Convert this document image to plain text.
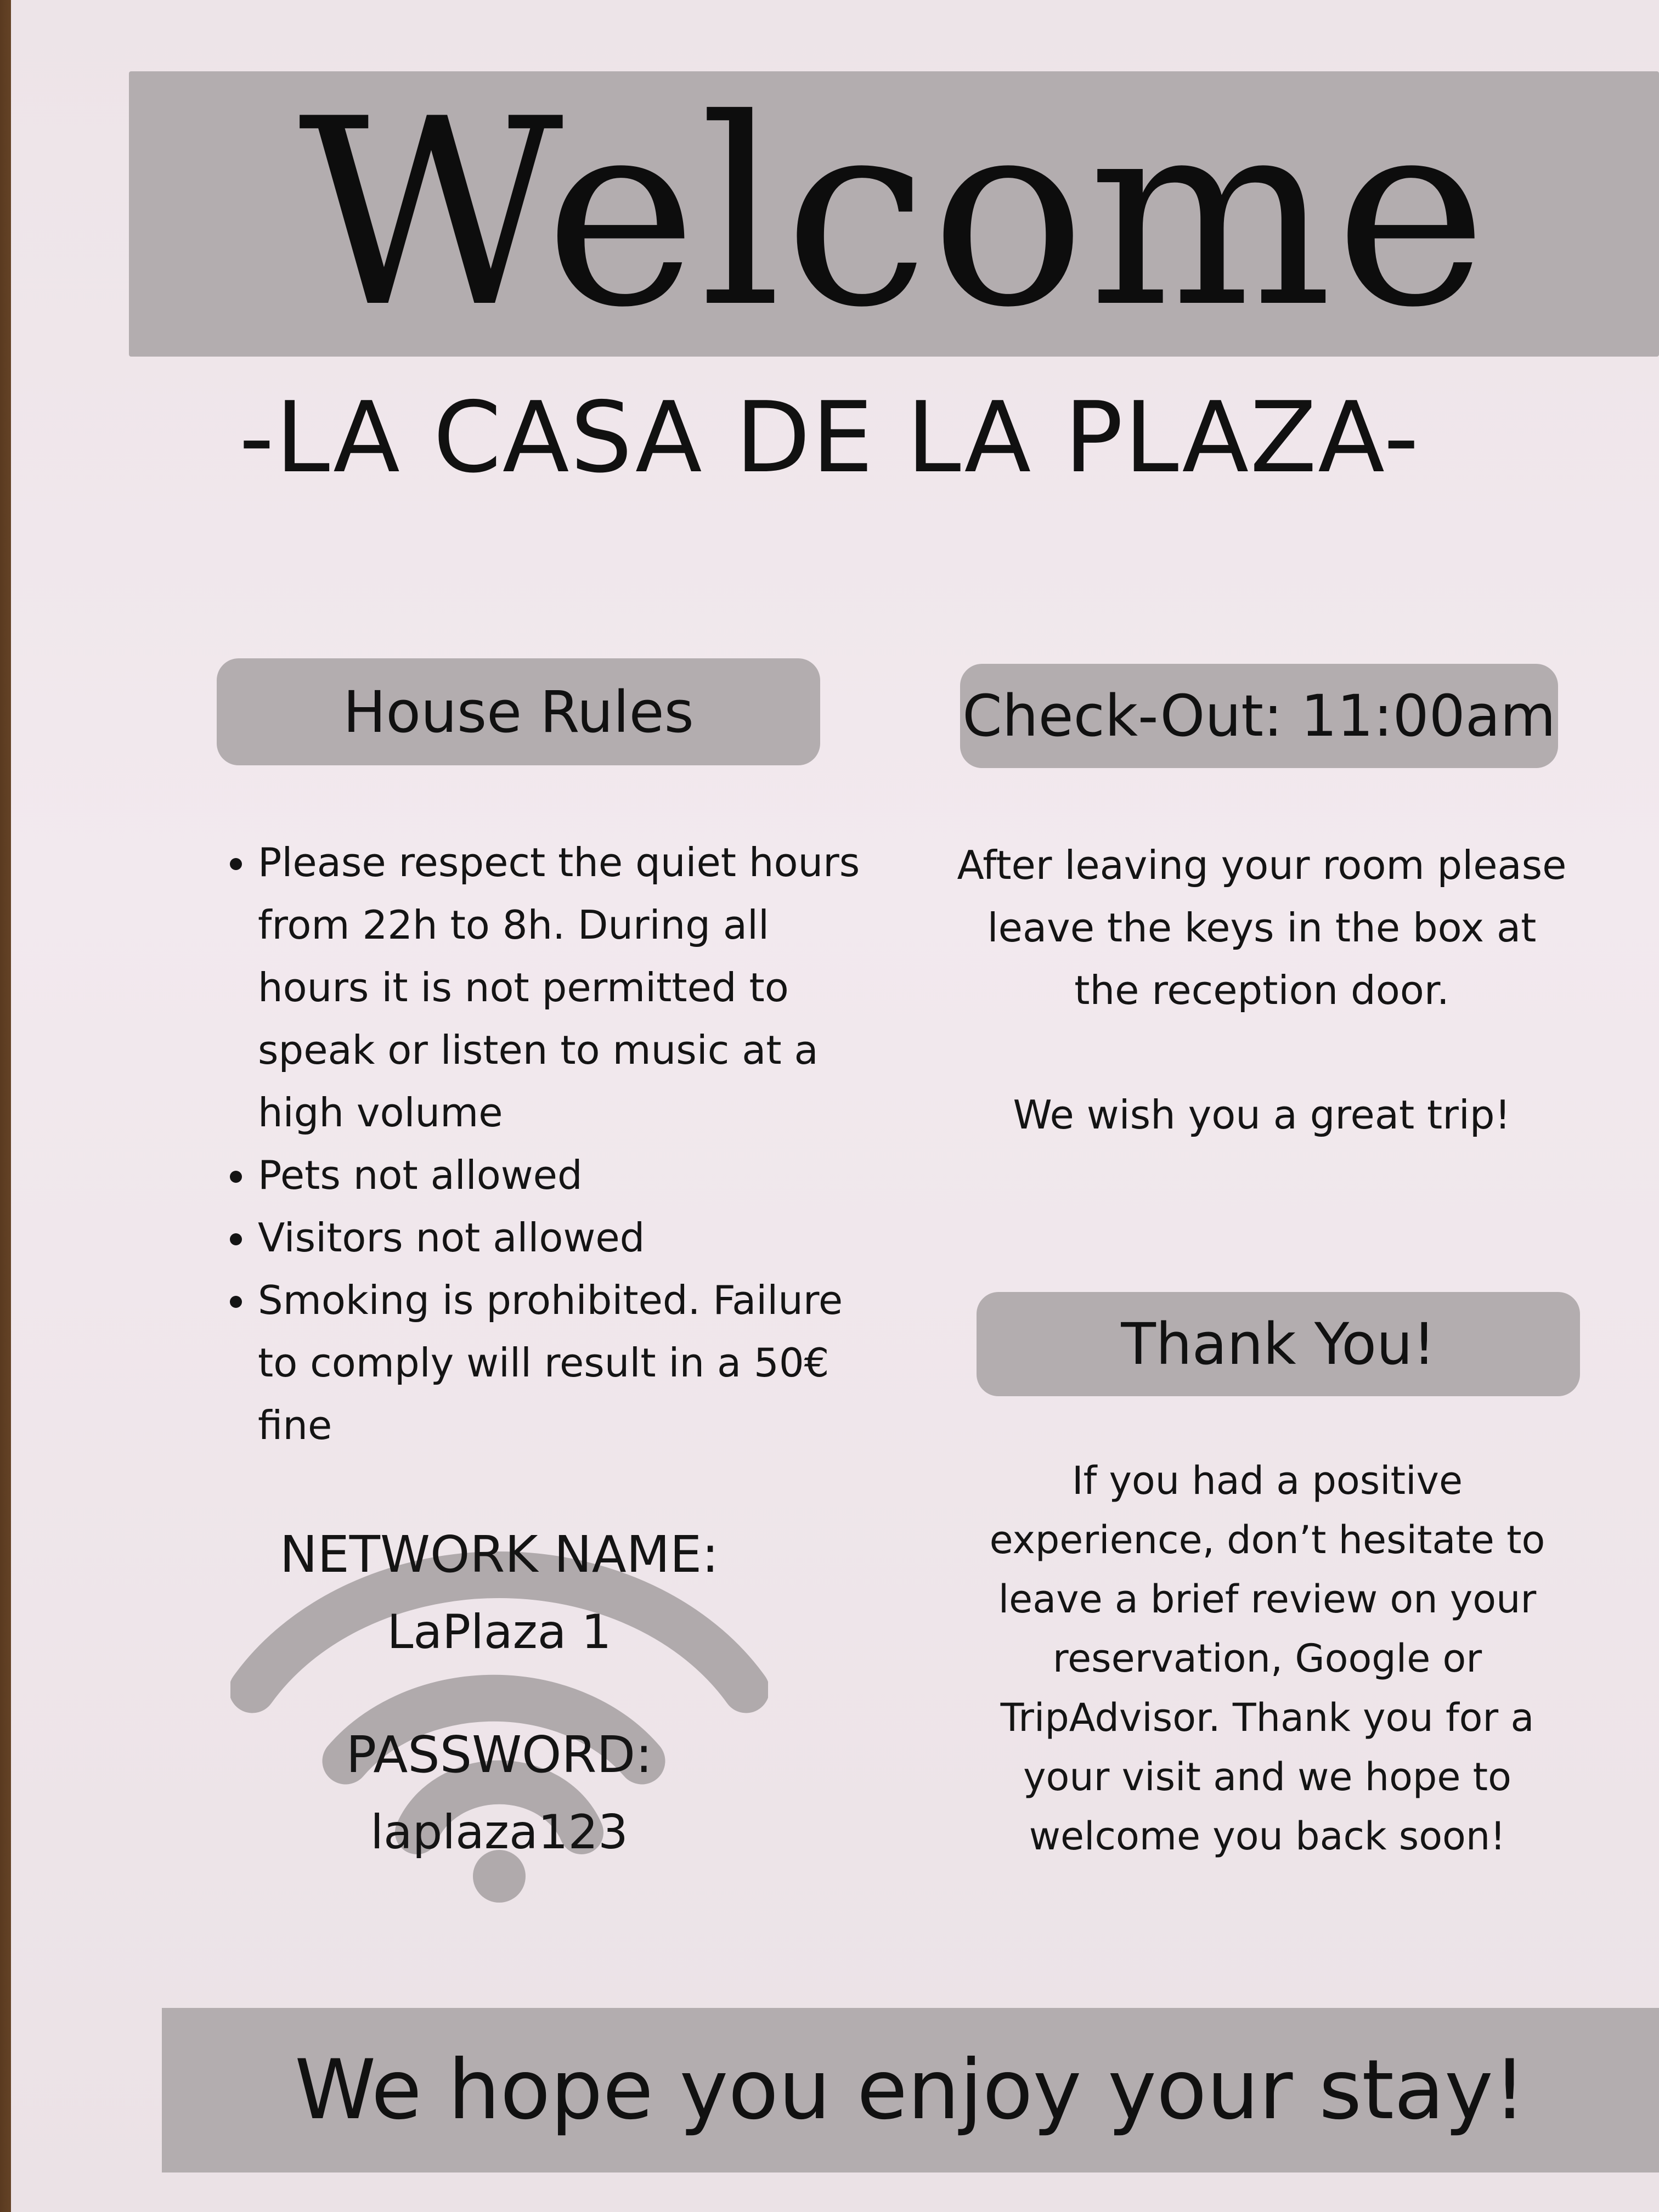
Welcome
-LA CASA DE LA PLAZA-
House Rules
• Please respect the quiet hours from 22h to 8h. During all hours it is not permitted to speak or listen to music at a high volume
• Pets not allowed
• Visitors not allowed
• Smoking is prohibited. Failure to comply will result in a 50€ fine
Check-Out: 11:00am
After leaving your room please leave the keys in the box at the reception door.
We wish you a great trip!
Thank You!
If you had a positive experience, don’t hesitate to leave a brief review on your reservation, Google or TripAdvisor. Thank you for a your visit and we hope to welcome you back soon!
NETWORK NAME:
LaPlaza 1
PASSWORD:
laplaza123
We hope you enjoy your stay!
